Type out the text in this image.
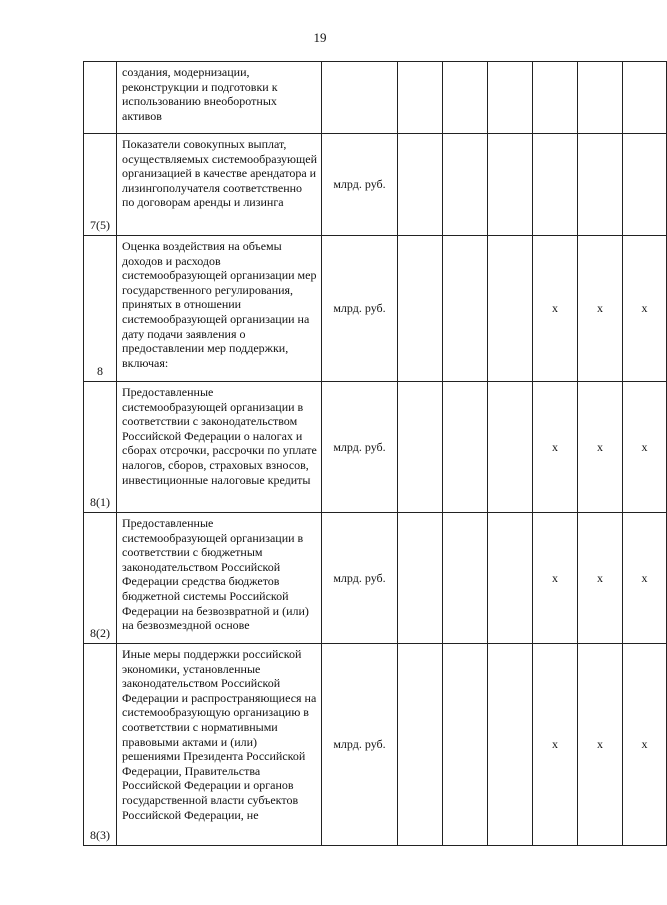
19
	создания, модернизации, реконструкции и подготовки к использованию внеоборотных активов							
7(5)	Показатели совокупных выплат, осуществляемых системообразующей организацией в качестве арендатора и лизингополучателя соответственно по договорам аренды и лизинга	млрд. руб.						
8	Оценка воздействия на объемы доходов и расходов системообразующей организации мер государственного регулирования, принятых в отношении системообразующей организации на дату подачи заявления о предоставлении мер поддержки, включая:	млрд. руб.				x	x	x
8(1)	Предоставленные системообразующей организации в соответствии с законодательством Российской Федерации о налогах и сборах отсрочки, рассрочки по уплате налогов, сборов, страховых взносов, инвестиционные налоговые кредиты	млрд. руб.				x	x	x
8(2)	Предоставленные системообразующей организации в соответствии с бюджетным законодательством Российской Федерации средства бюджетов бюджетной системы Российской Федерации на безвозвратной и (или) на безвозмездной основе	млрд. руб.				x	x	x
8(3)	Иные меры поддержки российской экономики, установленные законодательством Российской Федерации и распространяющиеся на системообразующую организацию в соответствии с нормативными правовыми актами и (или) решениями Президента Российской Федерации, Правительства Российской Федерации и органов государственной власти субъектов Российской Федерации, не	млрд. руб.				x	x	x
